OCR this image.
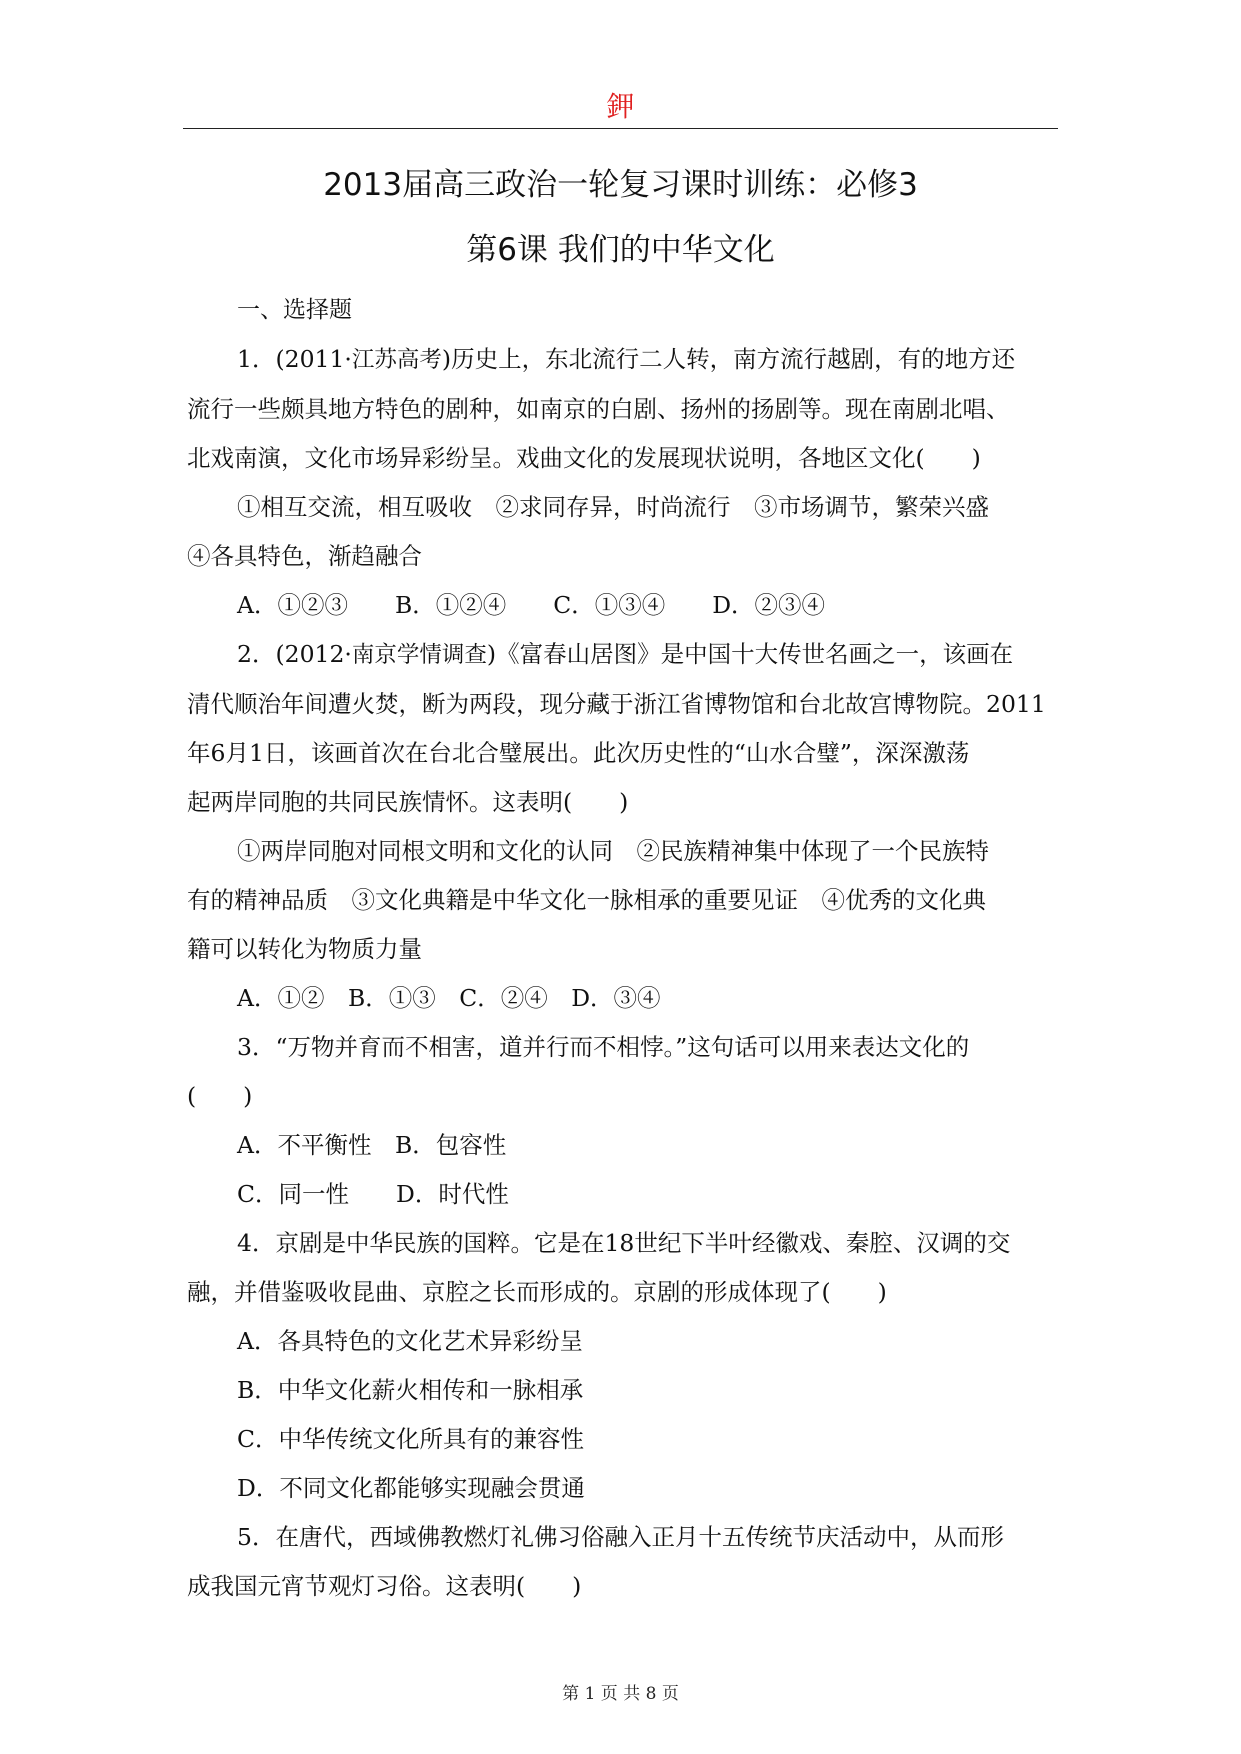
鉀
2013届高三政治一轮复习课时训练：必修3
第6课 我们的中华文化

一、选择题

1．(2011·江苏高考)历史上，东北流行二人转，南方流行越剧，有的地方还

流行一些颇具地方特色的剧种，如南京的白剧、扬州的扬剧等。现在南剧北唱、

北戏南演，文化市场异彩纷呈。戏曲文化的发展现状说明，各地区文化(　　)

①相互交流，相互吸收　②求同存异，时尚流行　③市场调节，繁荣兴盛

④各具特色，渐趋融合

A．①②③　　B．①②④　　C．①③④　　D．②③④

2．(2012·南京学情调查)《富春山居图》是中国十大传世名画之一，该画在

清代顺治年间遭火焚，断为两段，现分藏于浙江省博物馆和台北故宫博物院。2011

年6月1日，该画首次在台北合璧展出。此次历史性的“山水合璧”，深深激荡

起两岸同胞的共同民族情怀。这表明(　　)

①两岸同胞对同根文明和文化的认同　②民族精神集中体现了一个民族特

有的精神品质　③文化典籍是中华文化一脉相承的重要见证　④优秀的文化典

籍可以转化为物质力量

A．①②　B．①③　C．②④　D．③④

3．“万物并育而不相害，道并行而不相悖。”这句话可以用来表达文化的

(　　)

A．不平衡性　B．包容性

C．同一性　　D．时代性

4．京剧是中华民族的国粹。它是在18世纪下半叶经徽戏、秦腔、汉调的交

融，并借鉴吸收昆曲、京腔之长而形成的。京剧的形成体现了(　　)

A．各具特色的文化艺术异彩纷呈

B．中华文化薪火相传和一脉相承

C．中华传统文化所具有的兼容性

D．不同文化都能够实现融会贯通

5．在唐代，西域佛教燃灯礼佛习俗融入正月十五传统节庆活动中，从而形

成我国元宵节观灯习俗。这表明(　　)

第 1 页 共 8 页
